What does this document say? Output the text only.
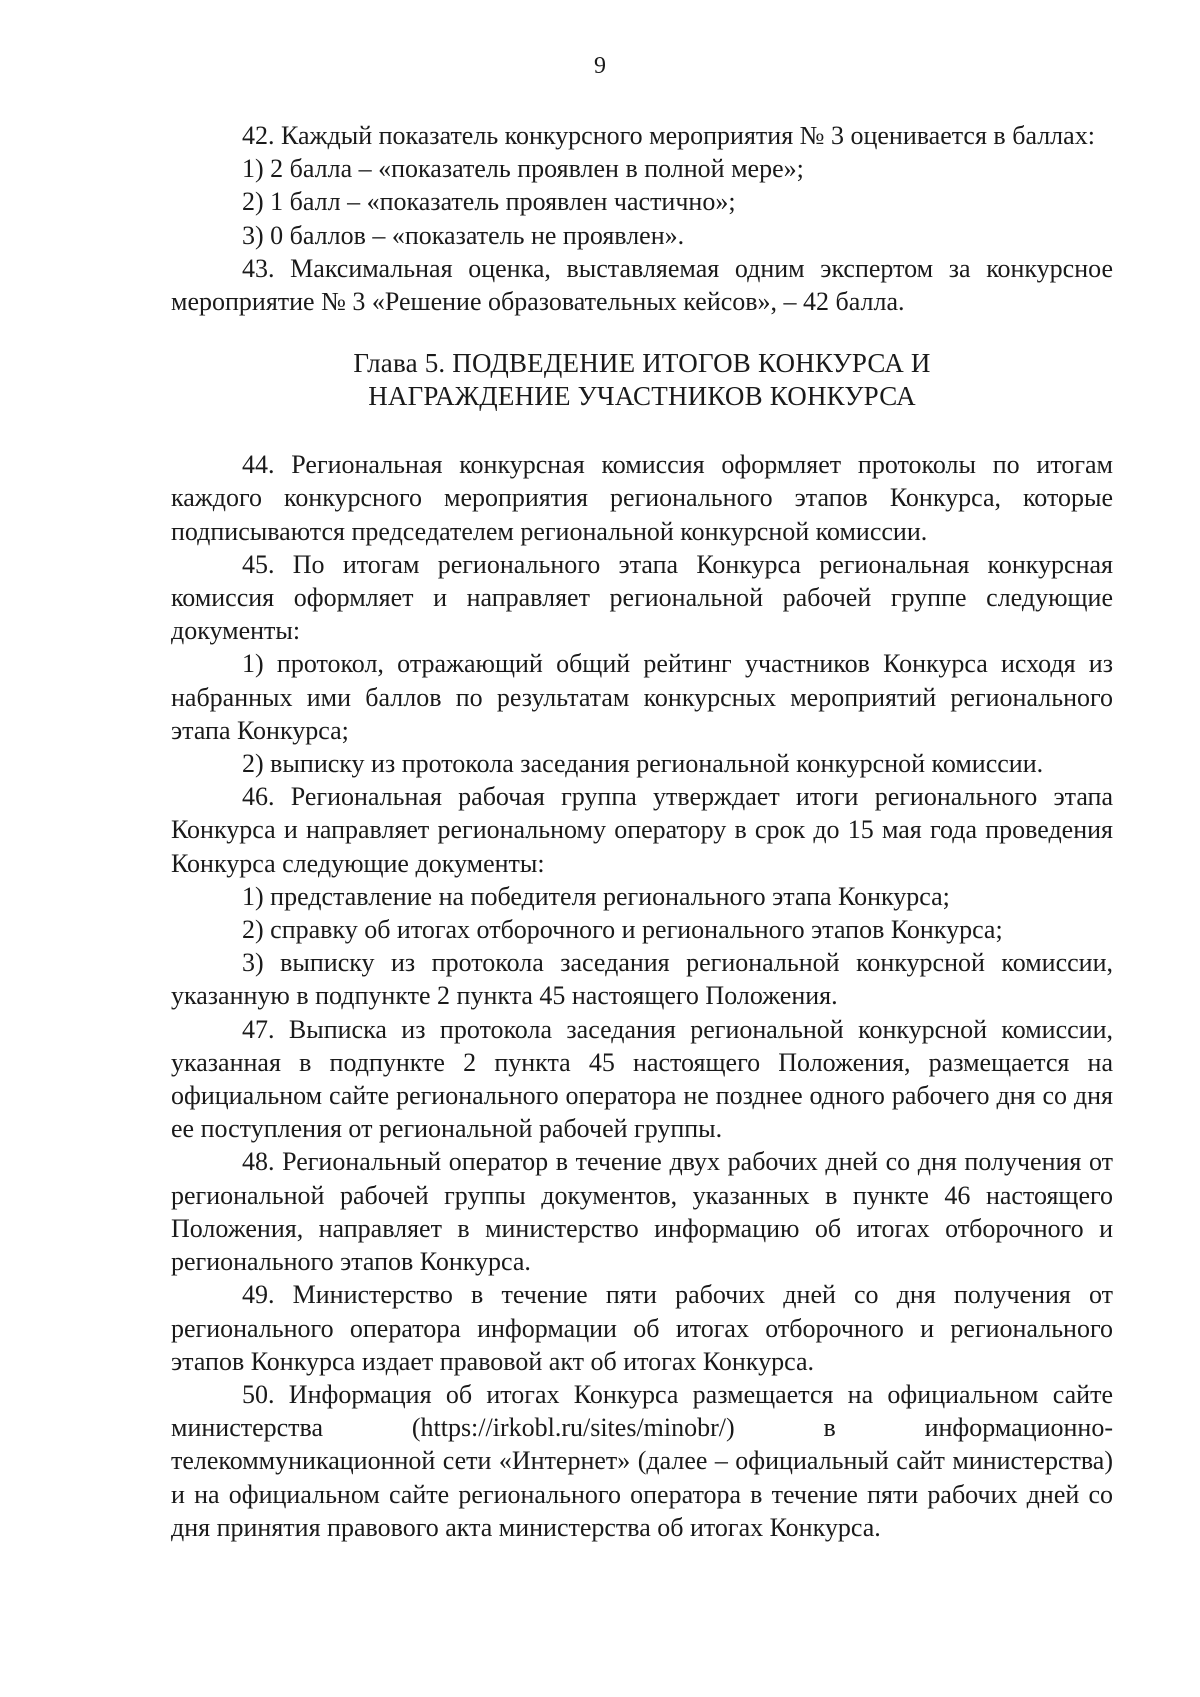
9

42. Каждый показатель конкурсного мероприятия № 3 оценивается в баллах:

1) 2 балла – «показатель проявлен в полной мере»;

2) 1 балл – «показатель проявлен частично»;

3) 0 баллов – «показатель не проявлен».

43. Максимальная оценка, выставляемая одним экспертом за конкурсное мероприятие № 3 «Решение образовательных кейсов», – 42 балла.

Глава 5. ПОДВЕДЕНИЕ ИТОГОВ КОНКУРСА И
НАГРАЖДЕНИЕ УЧАСТНИКОВ КОНКУРСА

44. Региональная конкурсная комиссия оформляет протоколы по итогам каждого конкурсного мероприятия регионального этапов Конкурса, которые подписываются председателем региональной конкурсной комиссии.

45. По итогам регионального этапа Конкурса региональная конкурсная комиссия оформляет и направляет региональной рабочей группе следующие документы:

1) протокол, отражающий общий рейтинг участников Конкурса исходя из набранных ими баллов по результатам конкурсных мероприятий регионального этапа Конкурса;

2) выписку из протокола заседания региональной конкурсной комиссии.

46. Региональная рабочая группа утверждает итоги регионального этапа Конкурса и направляет региональному оператору в срок до 15 мая года проведения Конкурса следующие документы:

1) представление на победителя регионального этапа Конкурса;

2) справку об итогах отборочного и регионального этапов Конкурса;

3) выписку из протокола заседания региональной конкурсной комиссии, указанную в подпункте 2 пункта 45 настоящего Положения.

47. Выписка из протокола заседания региональной конкурсной комиссии, указанная в подпункте 2 пункта 45 настоящего Положения, размещается на официальном сайте регионального оператора не позднее одного рабочего дня со дня ее поступления от региональной рабочей группы.

48. Региональный оператор в течение двух рабочих дней со дня получения от региональной рабочей группы документов, указанных в пункте 46 настоящего Положения, направляет в министерство информацию об итогах отборочного и регионального этапов Конкурса.

49. Министерство в течение пяти рабочих дней со дня получения от регионального оператора информации об итогах отборочного и регионального этапов Конкурса издает правовой акт об итогах Конкурса.

50. Информация об итогах Конкурса размещается на официальном сайте министерства (https://irkobl.ru/sites/minobr/) в информационно-телекоммуникационной сети «Интернет» (далее – официальный сайт министерства) и на официальном сайте регионального оператора в течение пяти рабочих дней со дня принятия правового акта министерства об итогах Конкурса.
